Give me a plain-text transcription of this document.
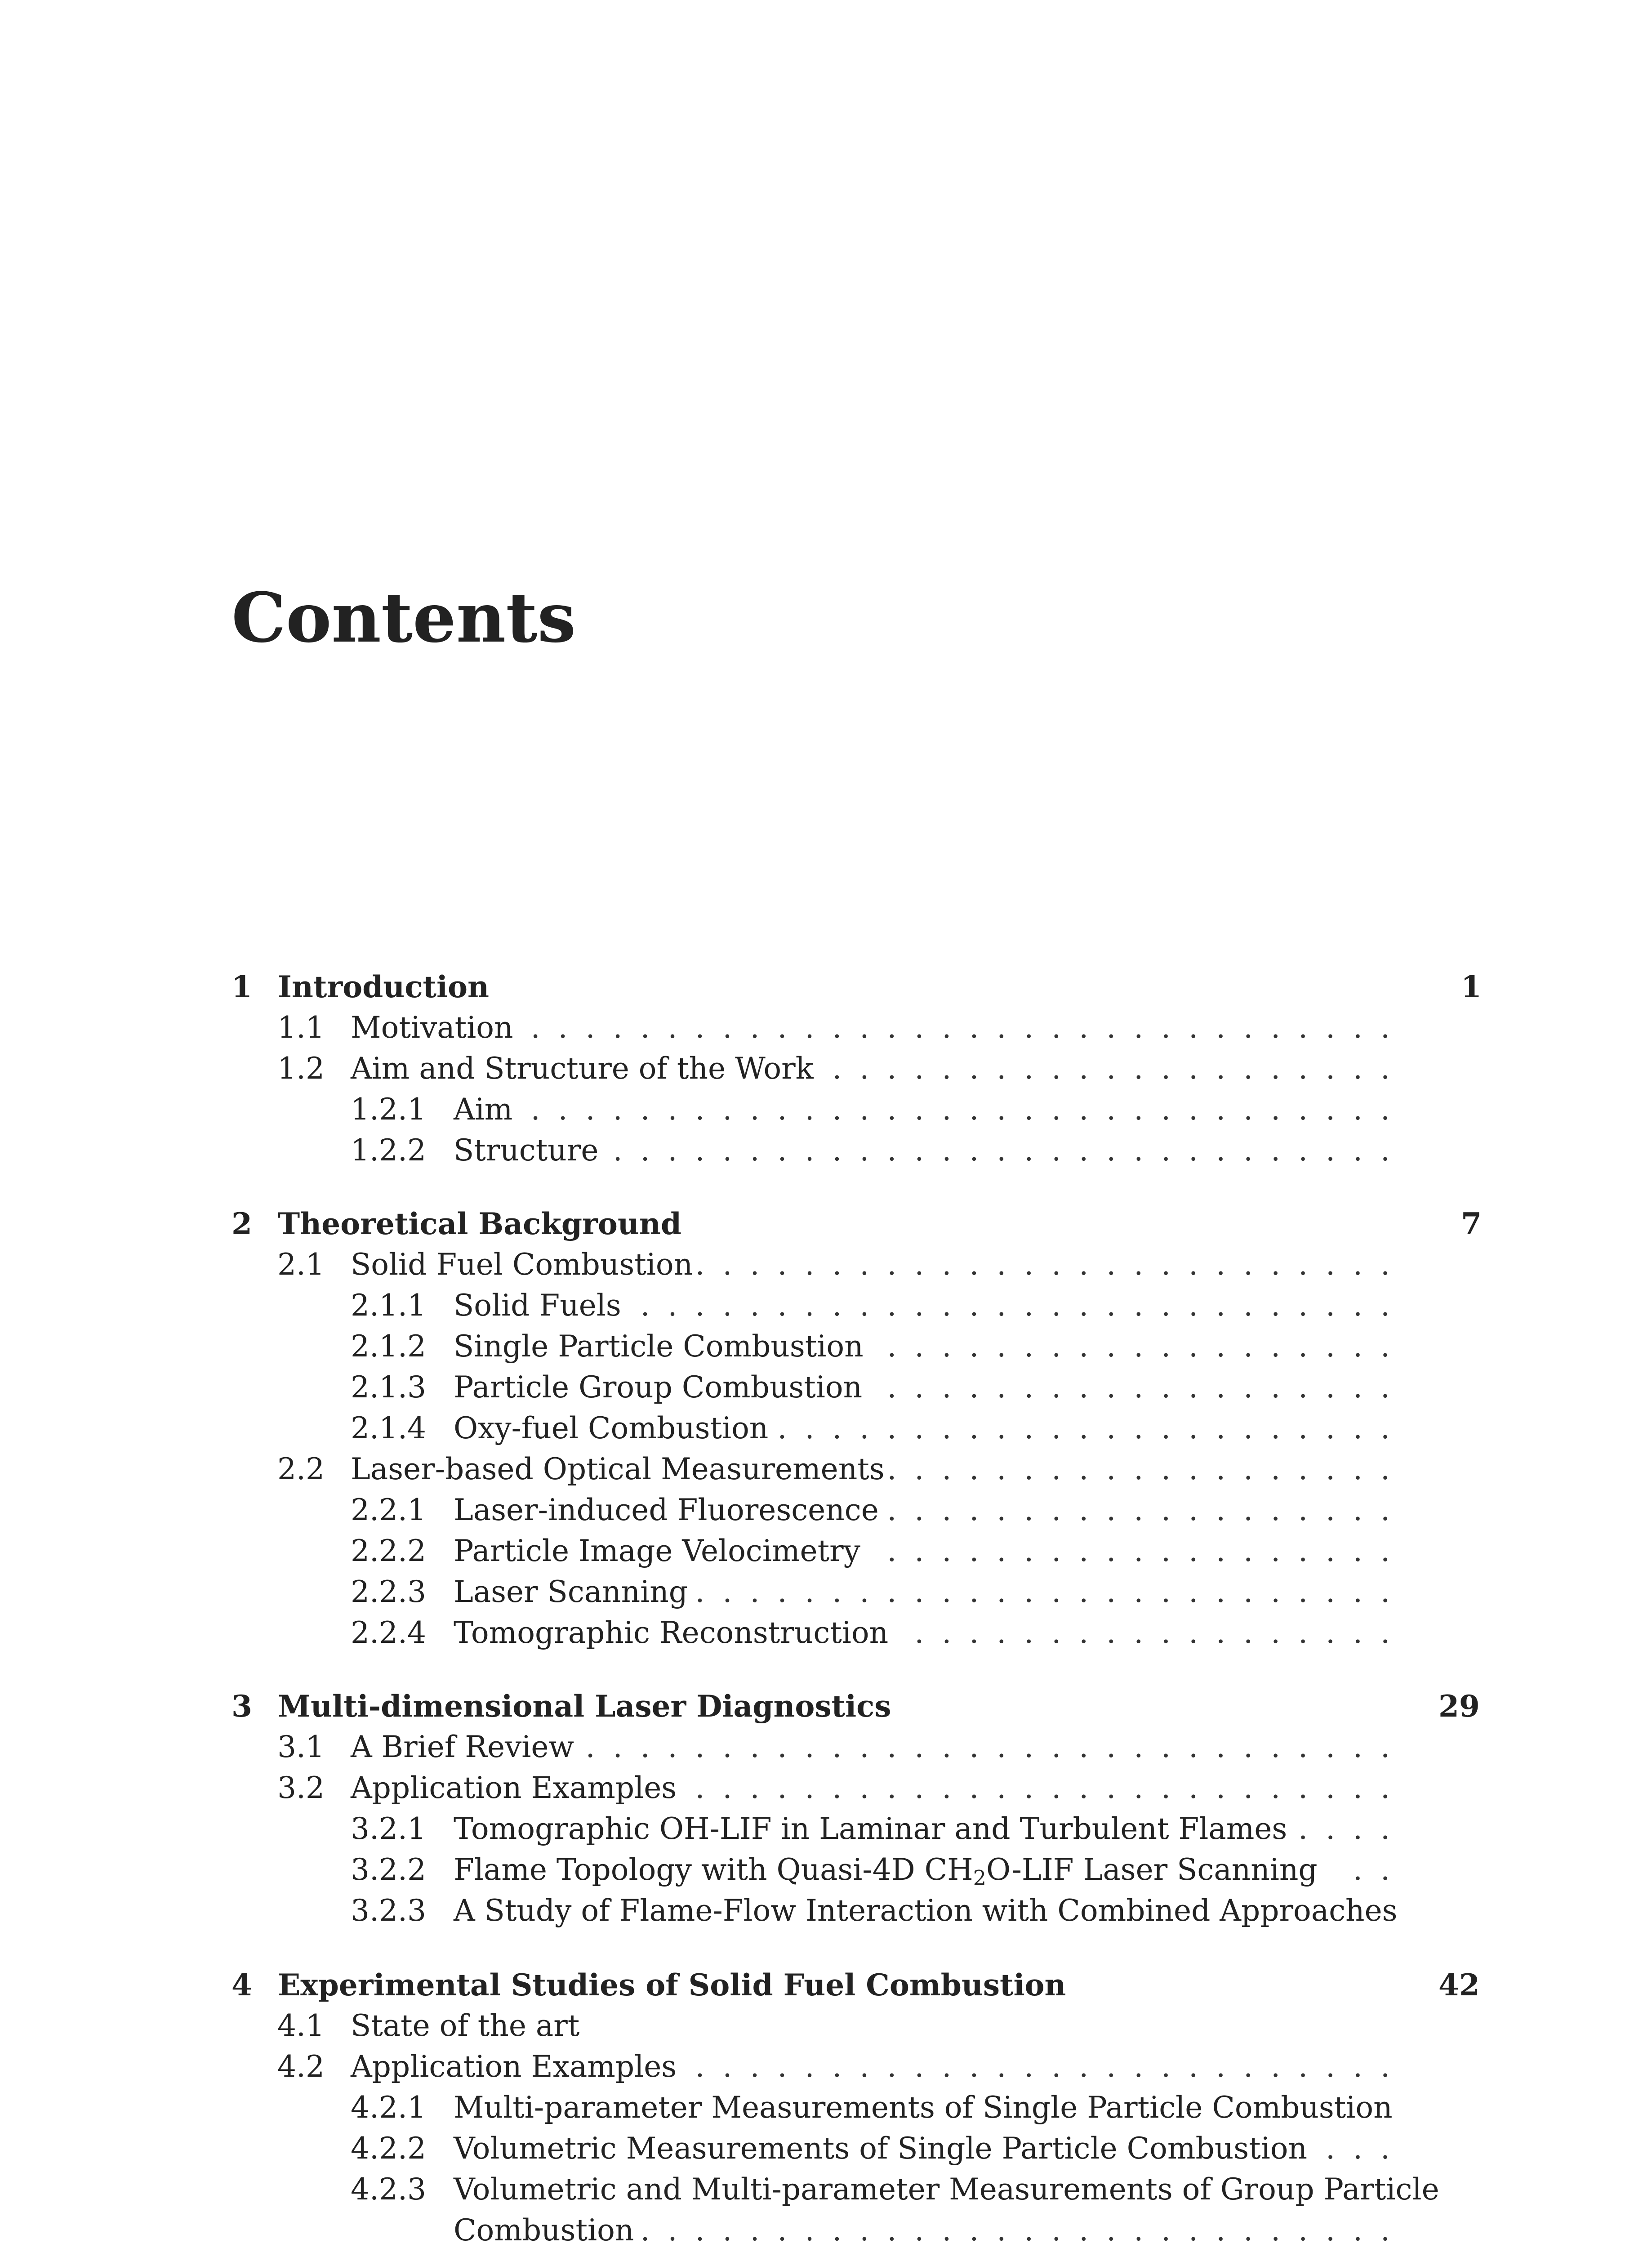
Contents
1 Introduction	1
1.1 Motivation ................................
1.2 Aim and Structure of the Work .....................
1.2.1 Aim ................................
1.2.2 Structure .............................
2 Theoretical Background	7
2.1 Solid Fuel Combustion ..........................
2.1.1 Solid Fuels ............................
2.1.2 Single Particle Combustion ...................
2.1.3 Particle Group Combustion ...................
2.1.4 Oxy-fuel Combustion .......................
2.2 Laser-based Optical Measurements ...................
2.2.1 Laser-induced Fluorescence ...................
2.2.2 Particle Image Velocimetry ...................
2.2.3 Laser Scanning ..........................
2.2.4 Tomographic Reconstruction ..................
3 Multi-dimensional Laser Diagnostics	29
3.1 A Brief Review ..............................
3.2 Application Examples ..........................
3.2.1 Tomographic OH-LIF in Laminar and Turbulent Flames ....
3.2.2 Flame Topology with Quasi-4D $CH_2O$-LIF Laser Scanning	..
3.2.3 A Study of Flame-Flow Interaction with Combined Approaches
4 Experimental Studies of Solid Fuel Combustion	42
4.1 State of the art
4.2 Application Examples ..........................
4.2.1 Multi-parameter Measurements of Single Particle Combustion
4.2.2 Volumetric Measurements of Single Particle Combustion ...
4.2.3 Volumetric and Multi-parameter Measurements of Group Particle
Combustion ............................
